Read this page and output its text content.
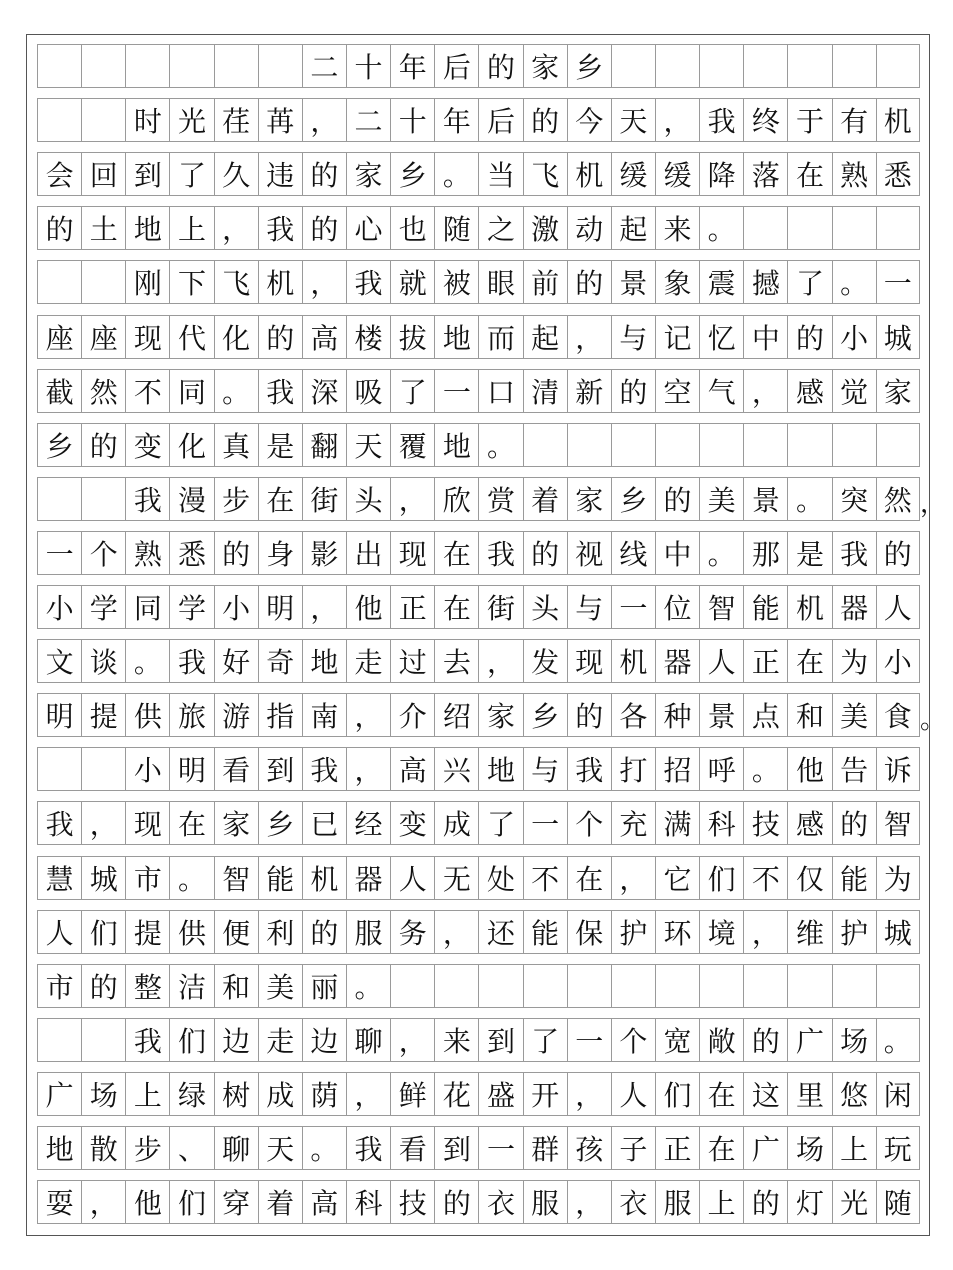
二 十 年 后 的 家 乡
时 光 荏 苒 ， 二 十 年 后 的 今 天 ， 我 终 于 有 机
会 回 到 了 久 违 的 家 乡 。 当 飞 机 缓 缓 降 落 在 熟 悉
的 土 地 上 ， 我 的 心 也 随 之 激 动 起 来 。
刚 下 飞 机 ， 我 就 被 眼 前 的 景 象 震 撼 了 。 一
座 座 现 代 化 的 高 楼 拔 地 而 起 ， 与 记 忆 中 的 小 城
截 然 不 同 。 我 深 吸 了 一 口 清 新 的 空 气 ， 感 觉 家
乡 的 变 化 真 是 翻 天 覆 地 。
我 漫 步 在 街 头 ， 欣 赏 着 家 乡 的 美 景 。 突 然
一 个 熟 悉 的 身 影 出 现 在 我 的 视 线 中 。 那 是 我 的
小 学 同 学 小 明 ， 他 正 在 街 头 与 一 位 智 能 机 器 人
文 谈 。 我 好 奇 地 走 过 去 ， 发 现 机 器 人 正 在 为 小
明 提 供 旅 游 指 南 ， 介 绍 家 乡 的 各 种 景 点 和 美 食
小 明 看 到 我 ， 高 兴 地 与 我 打 招 呼 。 他 告 诉
我 ， 现 在 家 乡 已 经 变 成 了 一 个 充 满 科 技 感 的 智
慧 城 市 。 智 能 机 器 人 无 处 不 在 ， 它 们 不 仅 能 为
人 们 提 供 便 利 的 服 务 ， 还 能 保 护 环 境 ， 维 护 城
市 的 整 洁 和 美 丽 。
我 们 边 走 边 聊 ， 来 到 了 一 个 宽 敞 的 广 场 。
广 场 上 绿 树 成 荫 ， 鲜 花 盛 开 ， 人 们 在 这 里 悠 闲
地 散 步 、 聊 天 。 我 看 到 一 群 孩 子 正 在 广 场 上 玩
耍 ， 他 们 穿 着 高 科 技 的 衣 服 ， 衣 服 上 的 灯 光 随
，
。
